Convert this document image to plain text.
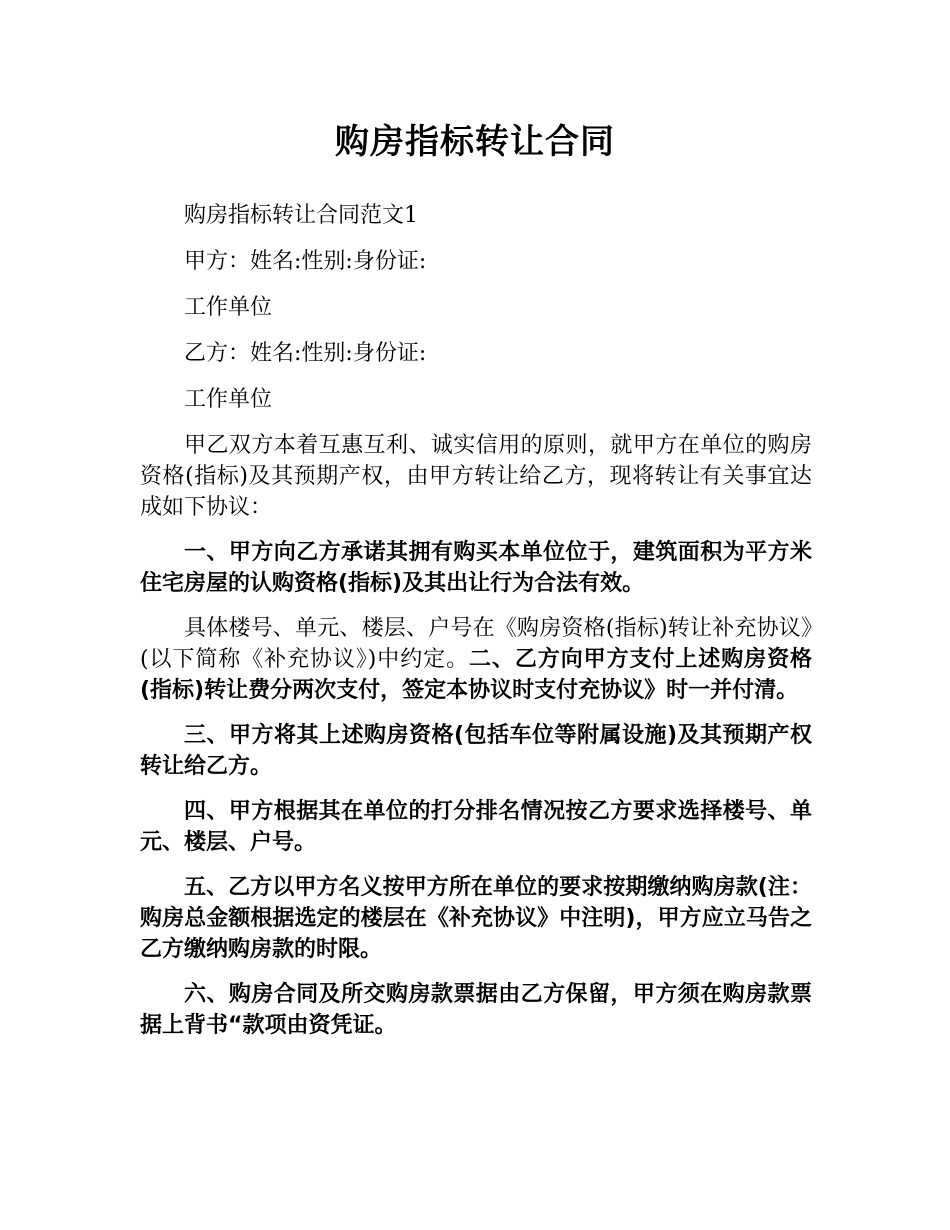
购房指标转让合同

购房指标转让合同范文1

甲方：姓名:性别:身份证:

工作单位

乙方：姓名:性别:身份证:

工作单位

甲乙双方本着互惠互利、诚实信用的原则，就甲方在单位的购房资格(指标)及其预期产权，由甲方转让给乙方，现将转让有关事宜达成如下协议：

一、甲方向乙方承诺其拥有购买本单位位于，建筑面积为平方米住宅房屋的认购资格(指标)及其出让行为合法有效。

具体楼号、单元、楼层、户号在《购房资格(指标)转让补充协议》(以下简称《补充协议》)中约定。二、乙方向甲方支付上述购房资格(指标)转让费分两次支付，签定本协议时支付充协议》时一并付清。

三、甲方将其上述购房资格(包括车位等附属设施)及其预期产权转让给乙方。

四、甲方根据其在单位的打分排名情况按乙方要求选择楼号、单元、楼层、户号。

五、乙方以甲方名义按甲方所在单位的要求按期缴纳购房款(注：购房总金额根据选定的楼层在《补充协议》中注明)，甲方应立马告之乙方缴纳购房款的时限。

六、购房合同及所交购房款票据由乙方保留，甲方须在购房款票据上背书“款项由资凭证。
